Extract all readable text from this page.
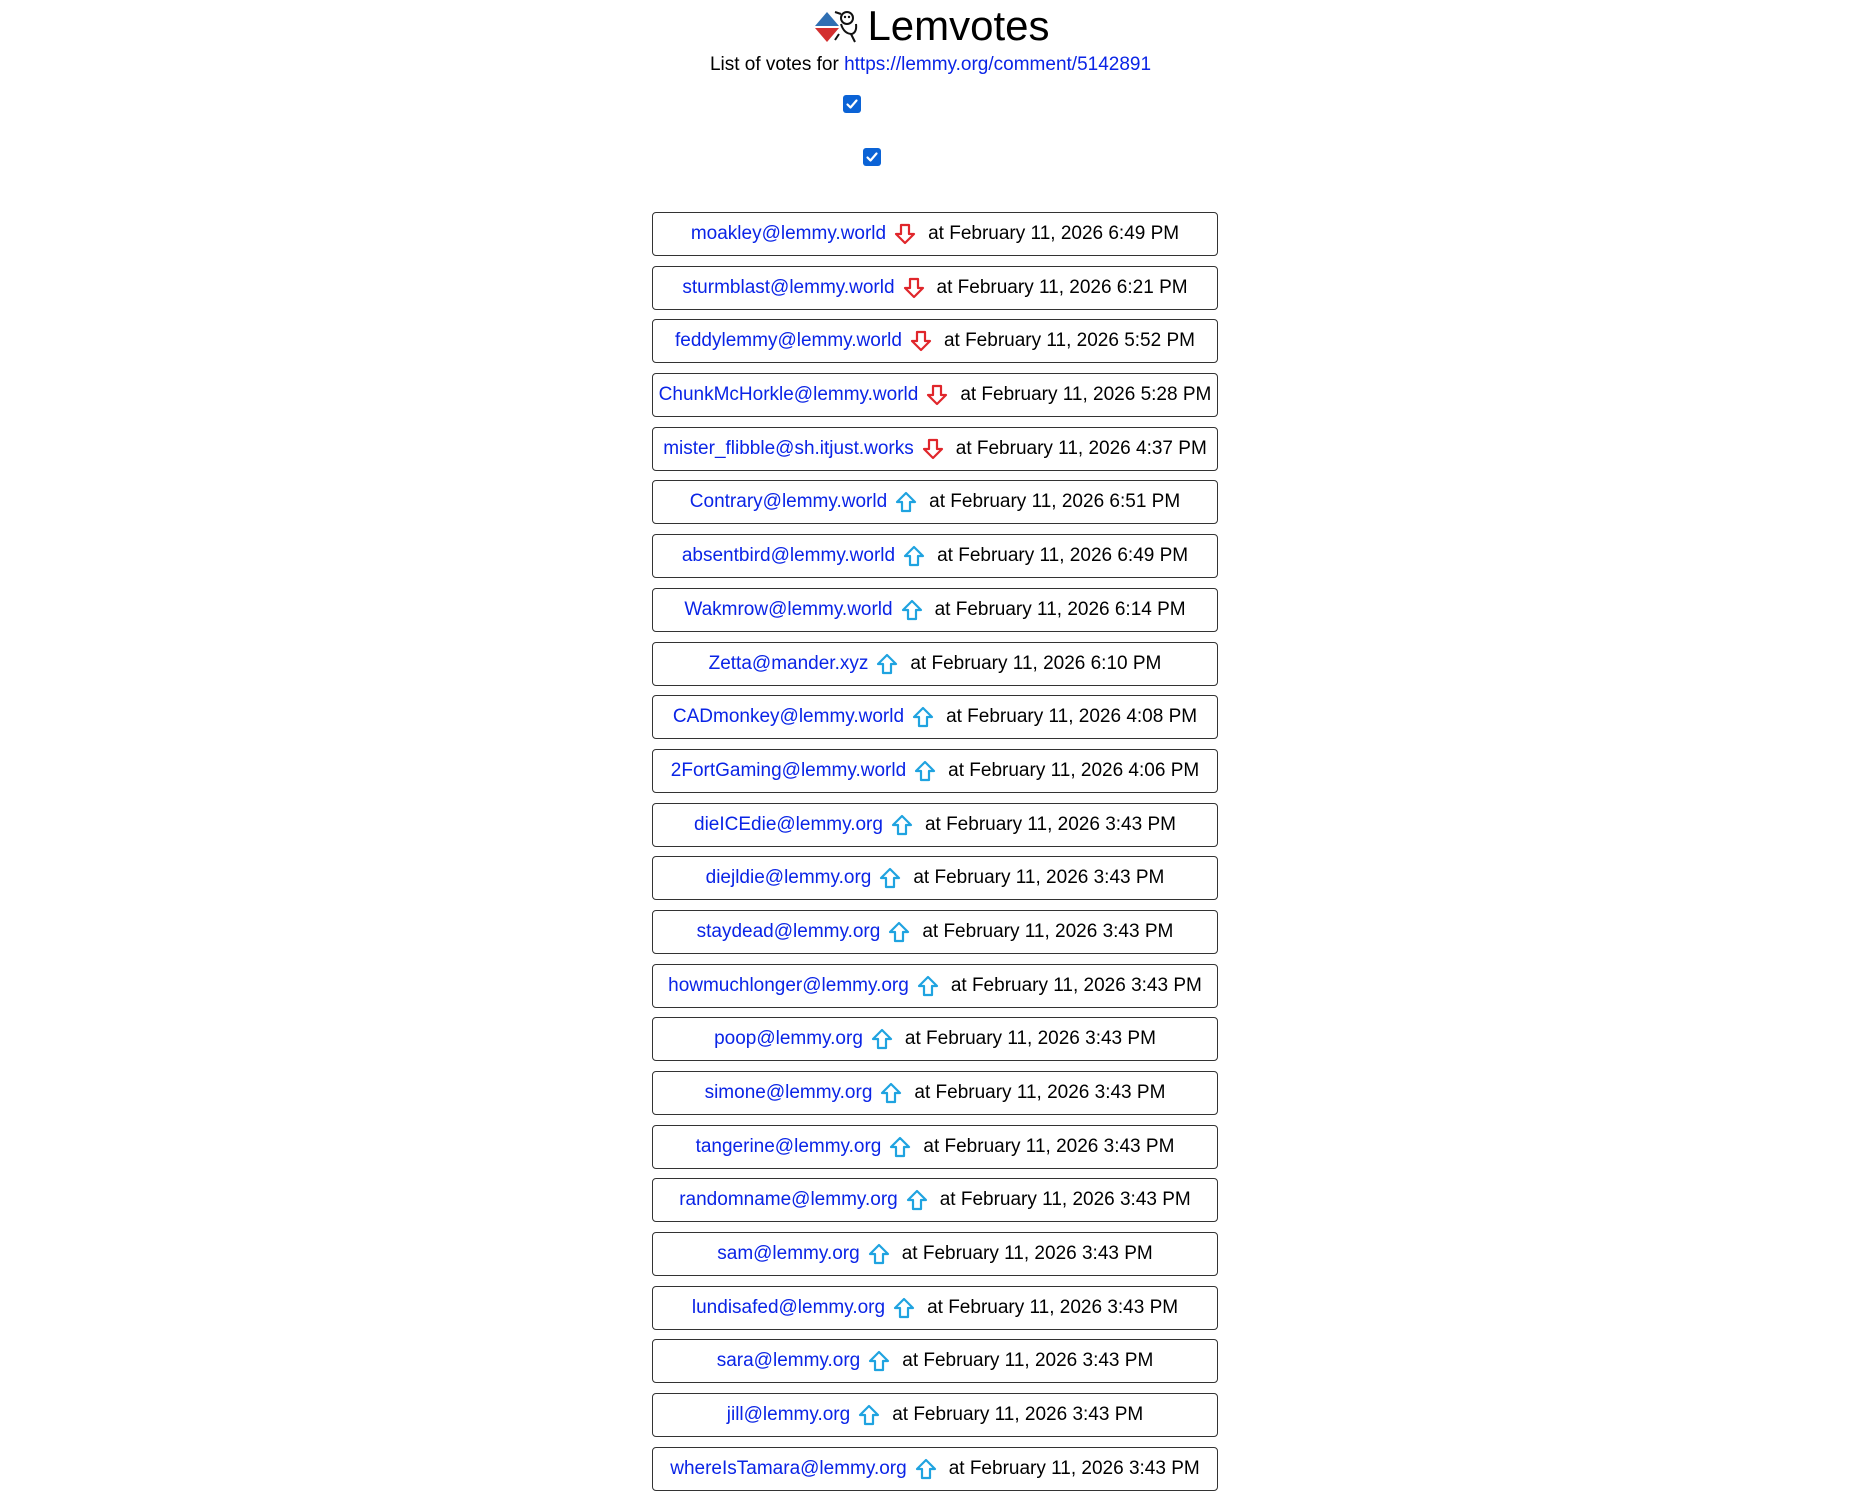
Lemvotes
List of votes for https://lemmy.org/comment/5142891
moakley@lemmy.world at February 11, 2026 6:49 PM
sturmblast@lemmy.world at February 11, 2026 6:21 PM
feddylemmy@lemmy.world at February 11, 2026 5:52 PM
ChunkMcHorkle@lemmy.world at February 11, 2026 5:28 PM
mister_flibble@sh.itjust.works at February 11, 2026 4:37 PM
Contrary@lemmy.world at February 11, 2026 6:51 PM
absentbird@lemmy.world at February 11, 2026 6:49 PM
Wakmrow@lemmy.world at February 11, 2026 6:14 PM
Zetta@mander.xyz at February 11, 2026 6:10 PM
CADmonkey@lemmy.world at February 11, 2026 4:08 PM
2FortGaming@lemmy.world at February 11, 2026 4:06 PM
dieICEdie@lemmy.org at February 11, 2026 3:43 PM
diejldie@lemmy.org at February 11, 2026 3:43 PM
staydead@lemmy.org at February 11, 2026 3:43 PM
howmuchlonger@lemmy.org at February 11, 2026 3:43 PM
poop@lemmy.org at February 11, 2026 3:43 PM
simone@lemmy.org at February 11, 2026 3:43 PM
tangerine@lemmy.org at February 11, 2026 3:43 PM
randomname@lemmy.org at February 11, 2026 3:43 PM
sam@lemmy.org at February 11, 2026 3:43 PM
lundisafed@lemmy.org at February 11, 2026 3:43 PM
sara@lemmy.org at February 11, 2026 3:43 PM
jill@lemmy.org at February 11, 2026 3:43 PM
whereIsTamara@lemmy.org at February 11, 2026 3:43 PM
